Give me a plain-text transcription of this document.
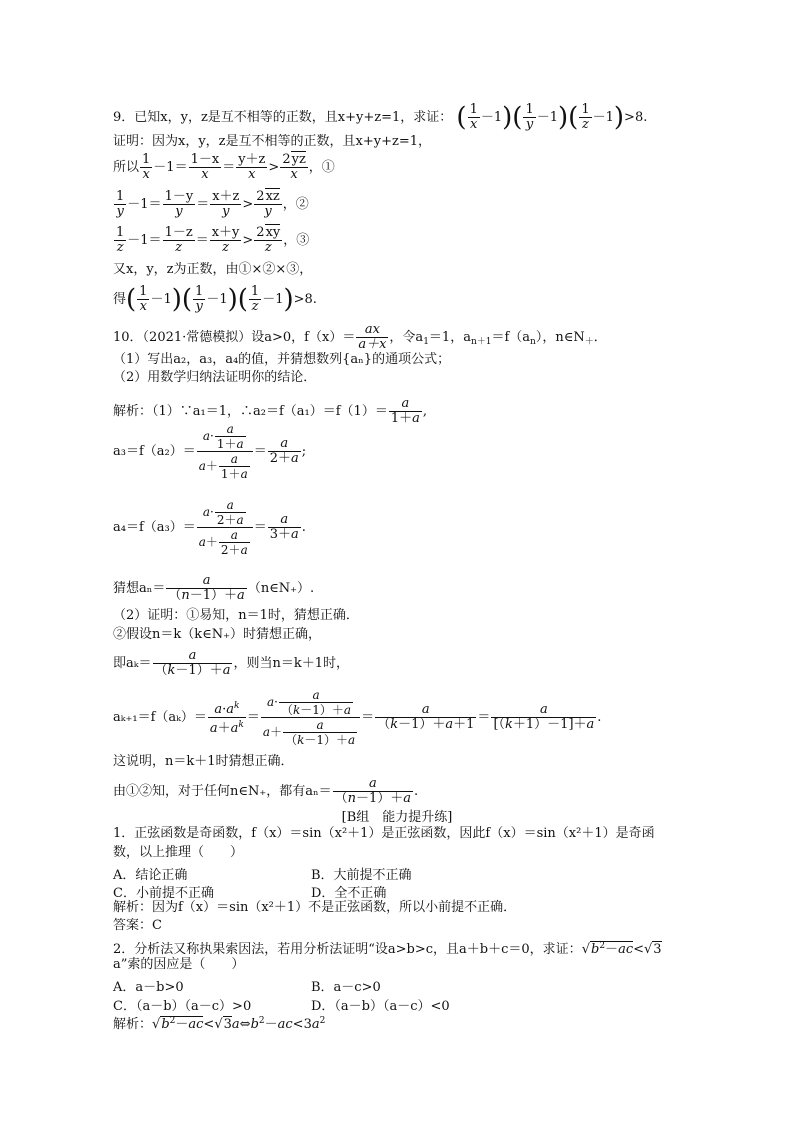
9．已知x，y，z是互不相等的正数，且x+y+z=1，求证： ( $\frac{1}{x} -1)( \frac{1}{y} -1)( \frac{1}{z} -1)>8$.
证明：因为x，y，z是互不相等的正数，且x+y+z=1，
所以 $\frac{1}{x} -1= \frac{1-x}{x} = \frac{y+z}{x} > \frac{2yz}{x}$ ，①
$\frac{1}{y} -1= \frac{1-y}{y} = \frac{x+z}{y} > \frac{2xz}{y}$ ，②
$\frac{1}{z} -1= \frac{1-z}{z} = \frac{x+y}{z} > \frac{2xy}{z}$ ，③
又x，y，z为正数，由①×②×③，
得( $\frac{1}{x} -1)( \frac{1}{y} -1)( \frac{1}{z} -1)>8$.
10．（2021·常德模拟）设a>0，$f(x)= \frac{ax}{a+x}$ ，令$a_1=1$，$a_{n+1}=f(a_n)$，$n\in N_+$．
（1）写出a₂，a₃，a₄的值，并猜想数列{aₙ}的通项公式；
（2）用数学归纳法证明你的结论．
解析：（1）∵a₁＝1，∴a₂＝f（a₁）＝f（1）＝ $\frac{a}{1+a}$ ,
$a_3=f(a_2)= \frac{a\cdot \frac{a}{1+a}}{a+ \frac{a}{1+a}} = \frac{a}{2+a}$ ;
$a_4=f(a_3)= \frac{a\cdot \frac{a}{2+a}}{a+ \frac{a}{2+a}} = \frac{a}{3+a}$ .
猜想$a_n= \frac{a}{(n-1)+a}$ （n∈N₊）.
（2）证明：①易知，n＝1时，猜想正确．
②假设n＝k（k∈N₊）时猜想正确，
即$a_k= \frac{a}{(k-1)+a}$ ，则当n＝k＋1时，
$a_{k+1}=f(a_k)= \frac{a\cdot a^k}{a+a^k} = \frac{a\cdot \frac{a}{(k-1)+a}}{a+ \frac{a}{(k-1)+a}} = \frac{a}{(k-1)+a+1} = \frac{a}{[(k+1)-1]+a}$ .
这说明，n＝k＋1时猜想正确．
由①②知，对于任何n∈N₊，都有$a_n= \frac{a}{(n-1)+a}$ .
[B组　能力提升练]
1．正弦函数是奇函数，f（x）＝sin（x²＋1）是正弦函数，因此f（x）＝sin（x²＋1）是奇函
数，以上推理（　　）
A．结论正确	B．大前提不正确
C．小前提不正确	D．全不正确
解析：因为f（x）＝sin（x²＋1）不是正弦函数，所以小前提不正确．
答案：C
2．分析法又称执果索因法，若用分析法证明“设a>b>c，且a＋b＋c＝0，求证：$√b^2-ac<√3$
a”索的因应是（　　）
A．a－b>0	B．a－c>0
C．（a－b）（a－c）>0	D．（a－b）（a－c）<0
解析：$√b^2-ac<√3a\Leftrightarrow b^2-ac<3a^2$
